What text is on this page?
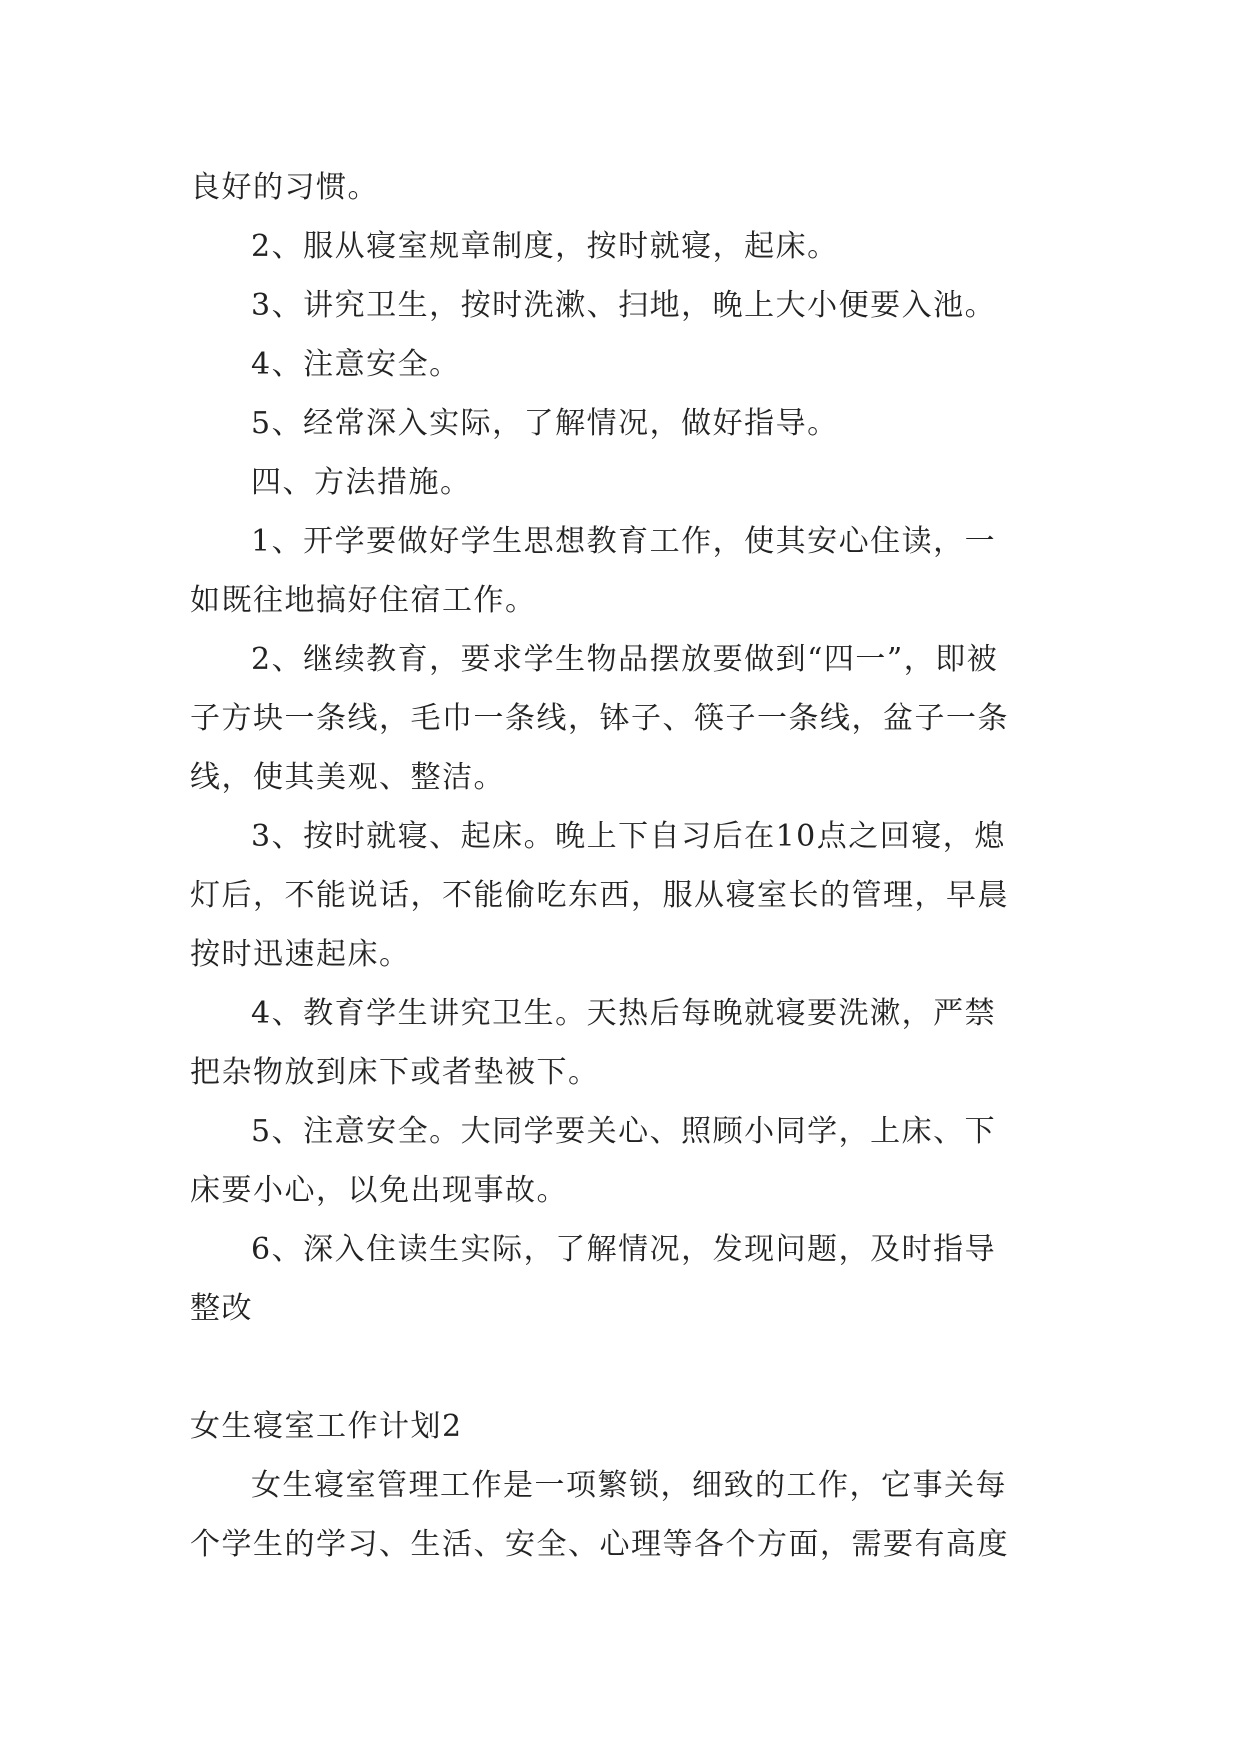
良好的习惯。
2、服从寝室规章制度，按时就寝，起床。
3、讲究卫生，按时洗漱、扫地，晚上大小便要入池。
4、注意安全。
5、经常深入实际，了解情况，做好指导。
四、方法措施。
1、开学要做好学生思想教育工作，使其安心住读，一
如既往地搞好住宿工作。
2、继续教育，要求学生物品摆放要做到“四一”，即被
子方块一条线，毛巾一条线，钵子、筷子一条线，盆子一条
线，使其美观、整洁。
3、按时就寝、起床。晚上下自习后在10点之回寝，熄
灯后，不能说话，不能偷吃东西，服从寝室长的管理，早晨
按时迅速起床。
4、教育学生讲究卫生。天热后每晚就寝要洗漱，严禁
把杂物放到床下或者垫被下。
5、注意安全。大同学要关心、照顾小同学，上床、下
床要小心，以免出现事故。
6、深入住读生实际，了解情况，发现问题，及时指导
整改
女生寝室工作计划2
女生寝室管理工作是一项繁锁，细致的工作，它事关每
个学生的学习、生活、安全、心理等各个方面，需要有高度
